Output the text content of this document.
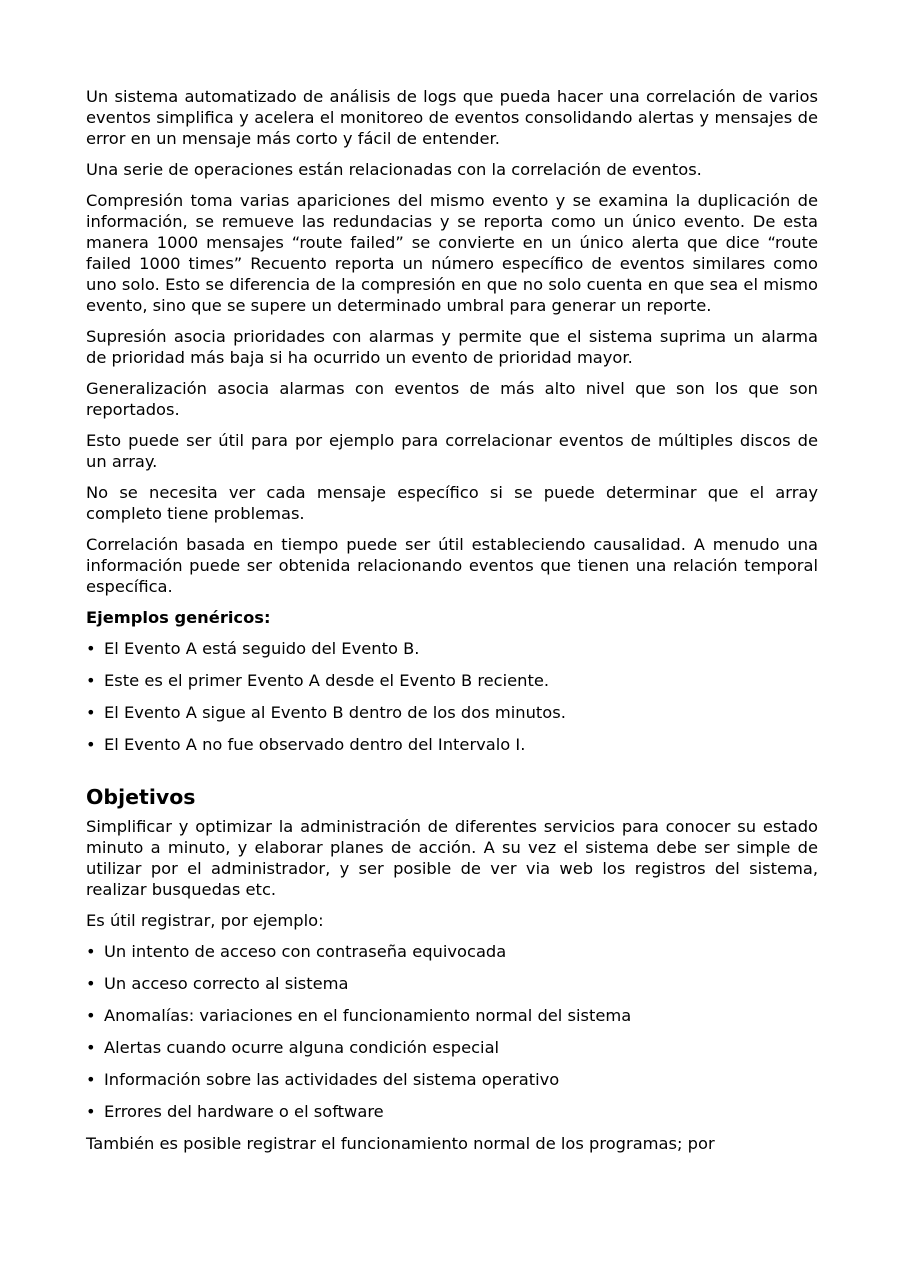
Un sistema automatizado de análisis de logs que pueda hacer una correlación de varios eventos simplifica y acelera el monitoreo de eventos consolidando alertas y mensajes de error en un mensaje más corto y fácil de entender.

Una serie de operaciones están relacionadas con la correlación de eventos.

Compresión toma varias apariciones del mismo evento y se examina la duplicación de información, se remueve las redundacias y se reporta como un único evento. De esta manera 1000 mensajes “route failed” se convierte en un único alerta que dice “route failed 1000 times” Recuento reporta un número específico de eventos similares como uno solo. Esto se diferencia de la compresión en que no solo cuenta en que sea el mismo evento, sino que se supere un determinado umbral para generar un reporte.

Supresión asocia prioridades con alarmas y permite que el sistema suprima un alarma de prioridad más baja si ha ocurrido un evento de prioridad mayor.

Generalización asocia alarmas con eventos de más alto nivel que son los que son reportados.

Esto puede ser útil para por ejemplo para correlacionar eventos de múltiples discos de un array.

No se necesita ver cada mensaje específico si se puede determinar que el array completo tiene problemas.

Correlación basada en tiempo puede ser útil estableciendo causalidad. A menudo una información puede ser obtenida relacionando eventos que tienen una relación temporal específica.

Ejemplos genéricos:
• El Evento A está seguido del Evento B.
• Este es el primer Evento A desde el Evento B reciente.
• El Evento A sigue al Evento B dentro de los dos minutos.
• El Evento A no fue observado dentro del Intervalo I.
Objetivos

Simplificar y optimizar la administración de diferentes servicios para conocer su estado minuto a minuto, y elaborar planes de acción. A su vez el sistema debe ser simple de utilizar por el administrador, y ser posible de ver via web los registros del sistema, realizar busquedas etc.

Es útil registrar, por ejemplo:

• Un intento de acceso con contraseña equivocada
• Un acceso correcto al sistema
• Anomalías: variaciones en el funcionamiento normal del sistema
• Alertas cuando ocurre alguna condición especial
• Información sobre las actividades del sistema operativo
• Errores del hardware o el software

También es posible registrar el funcionamiento normal de los programas; por
